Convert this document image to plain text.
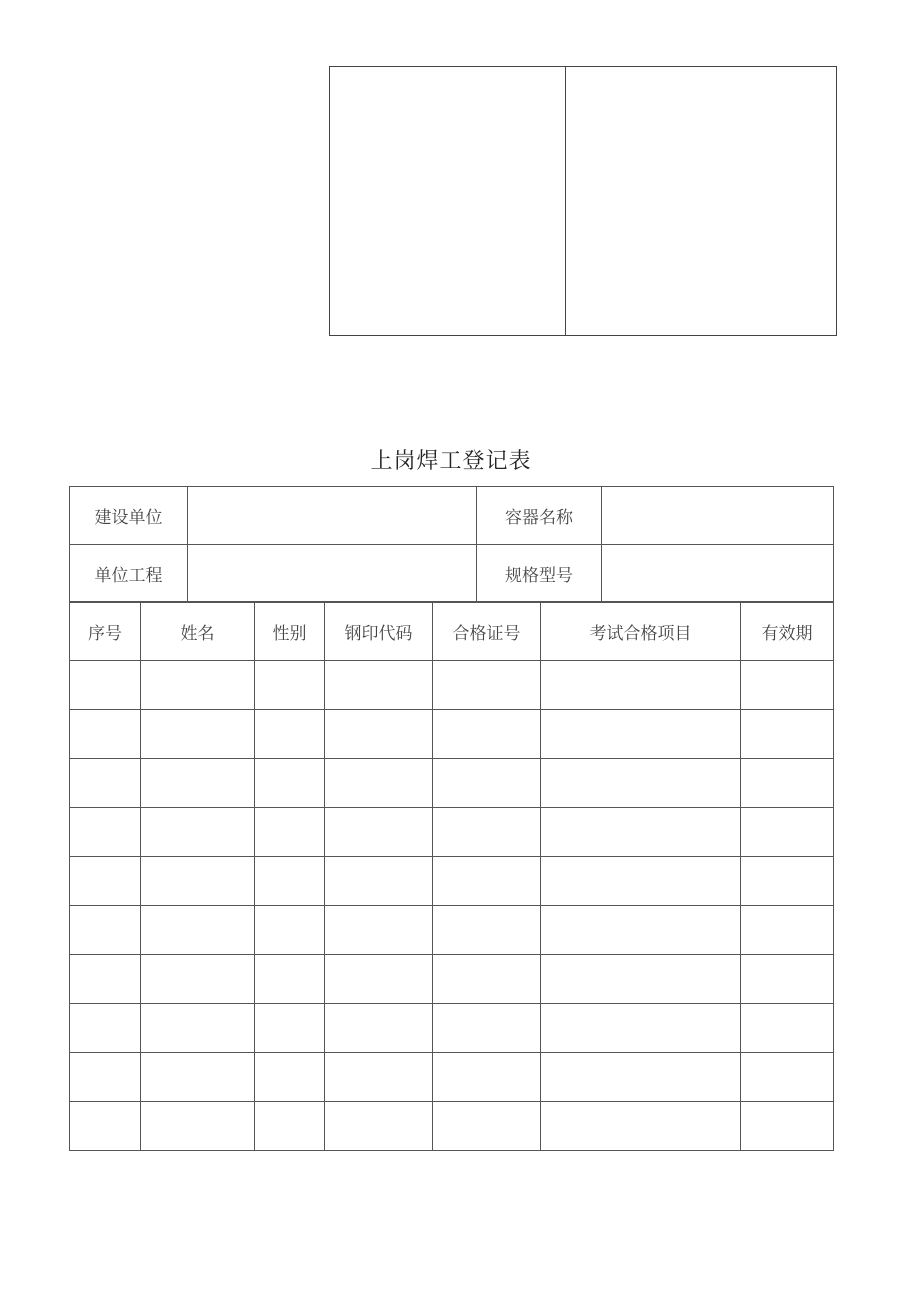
上岗焊工登记表
建设单位		容器名称	
单位工程		规格型号	
序号	姓名	性别	钢印代码	合格证号	考试合格项目	有效期
